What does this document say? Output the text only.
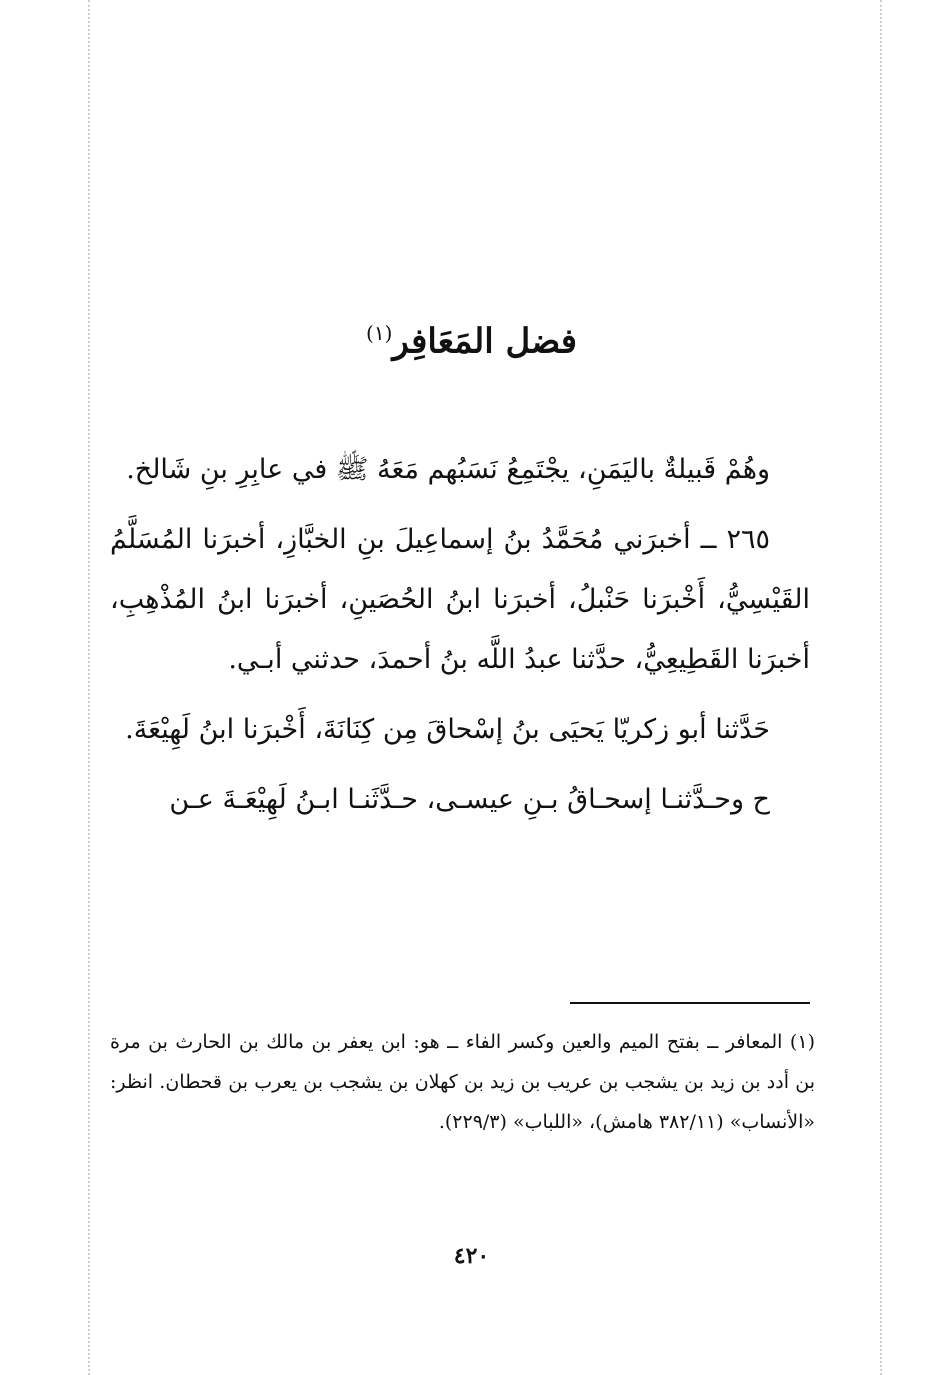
فضل المَعَافِر$^{(١)}$

وهُمْ قَبيلةٌ باليَمَنِ، يجْتَمِعُ نَسَبُهم مَعَهُ ﷺ في عابِرِ بنِ شَالخ.

٢٦٥ ــ أخبرَني مُحَمَّدُ بنُ إسماعِيلَ بنِ الخبَّازِ، أخبرَنا المُسَلَّمُ القَيْسِيُّ، أَخْبرَنا حَنْبلُ، أخبرَنا ابنُ الحُصَينِ، أخبرَنا ابنُ المُذْهِبِ، أخبرَنا القَطِيعِيُّ، حدَّثنا عبدُ اللَّه بنُ أحمدَ، حدثني أبـي.

حَدَّثنا أبو زكريّا يَحيَى بنُ إسْحاقَ مِن كِنَانَةَ، أَخْبرَنا ابنُ لَهِيْعَةَ.

ح وحـدَّثنـا إسحـاقُ بـنِ عيسـى، حـدَّثَنـا ابـنُ لَهِيْعَـةَ عـن

(١) المعافر ــ بفتح الميم والعين وكسر الفاء ــ هو: ابن يعفر بن مالك بن الحارث بن مرة بن أدد بن زيد بن يشجب بن عريب بن زيد بن كهلان بن يشجب بن يعرب بن قحطان. انظر: «الأنساب» (٣٨٢/١١ هامش)، «اللباب» (٢٢٩/٣).

٤٢٠
